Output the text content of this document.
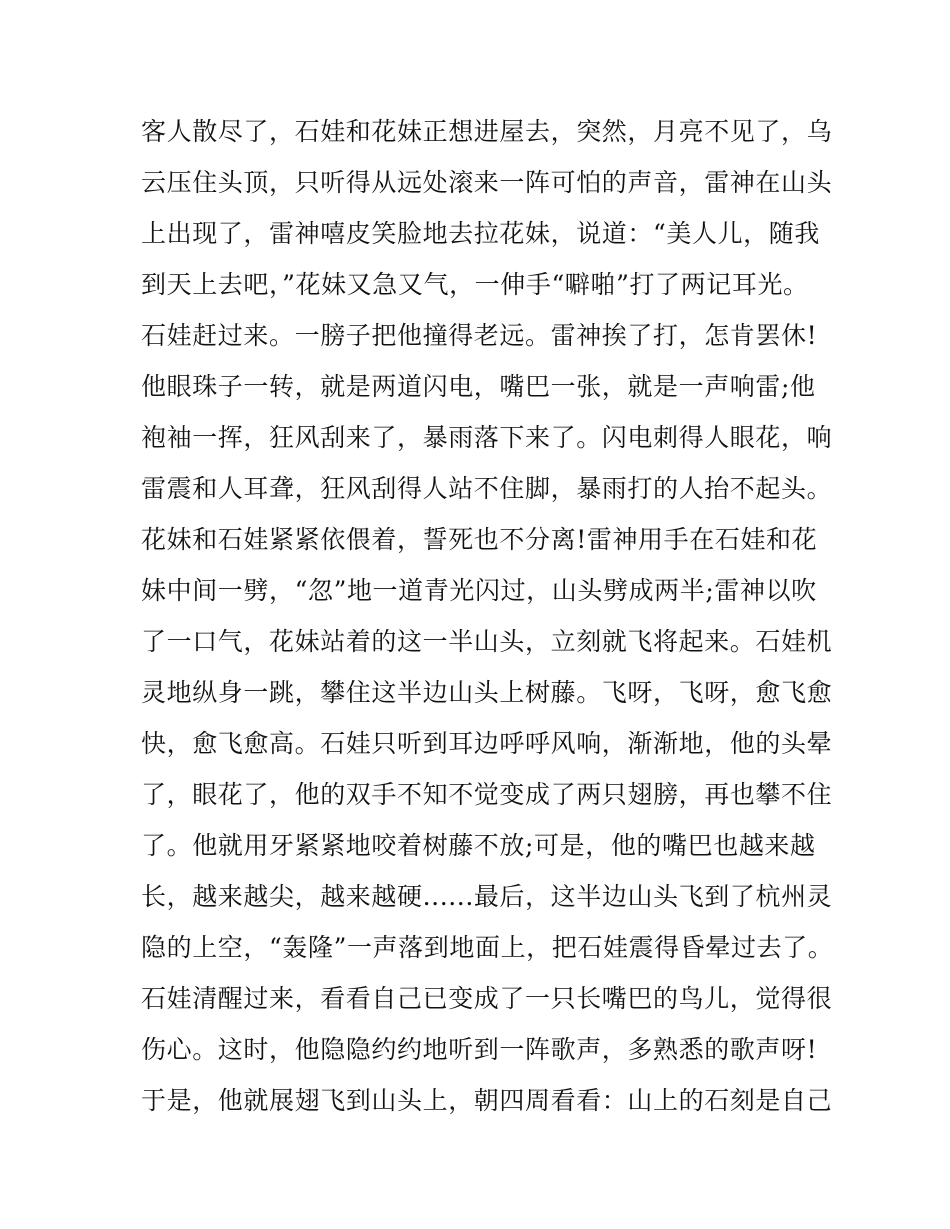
客人散尽了，石娃和花妹正想进屋去，突然，月亮不见了，乌
云压住头顶，只听得从远处滚来一阵可怕的声音，雷神在山头
上出现了，雷神嘻皮笑脸地去拉花妹，说道：“美人儿，随我
到天上去吧，”花妹又急又气，一伸手“噼啪”打了两记耳光。
石娃赶过来。一膀子把他撞得老远。雷神挨了打，怎肯罢休!
他眼珠子一转，就是两道闪电，嘴巴一张，就是一声响雷;他
袍袖一挥，狂风刮来了，暴雨落下来了。闪电刺得人眼花，响
雷震和人耳聋，狂风刮得人站不住脚，暴雨打的人抬不起头。
花妹和石娃紧紧依偎着，誓死也不分离!雷神用手在石娃和花
妹中间一劈，“忽”地一道青光闪过，山头劈成两半;雷神以吹
了一口气，花妹站着的这一半山头，立刻就飞将起来。石娃机
灵地纵身一跳，攀住这半边山头上树藤。飞呀，飞呀，愈飞愈
快，愈飞愈高。石娃只听到耳边呼呼风响，渐渐地，他的头晕
了，眼花了，他的双手不知不觉变成了两只翅膀，再也攀不住
了。他就用牙紧紧地咬着树藤不放;可是，他的嘴巴也越来越
长，越来越尖，越来越硬......最后，这半边山头飞到了杭州灵
隐的上空，“轰隆”一声落到地面上，把石娃震得昏晕过去了。
石娃清醒过来，看看自己已变成了一只长嘴巴的鸟儿，觉得很
伤心。这时，他隐隐约约地听到一阵歌声，多熟悉的歌声呀!
于是，他就展翅飞到山头上，朝四周看看：山上的石刻是自己
